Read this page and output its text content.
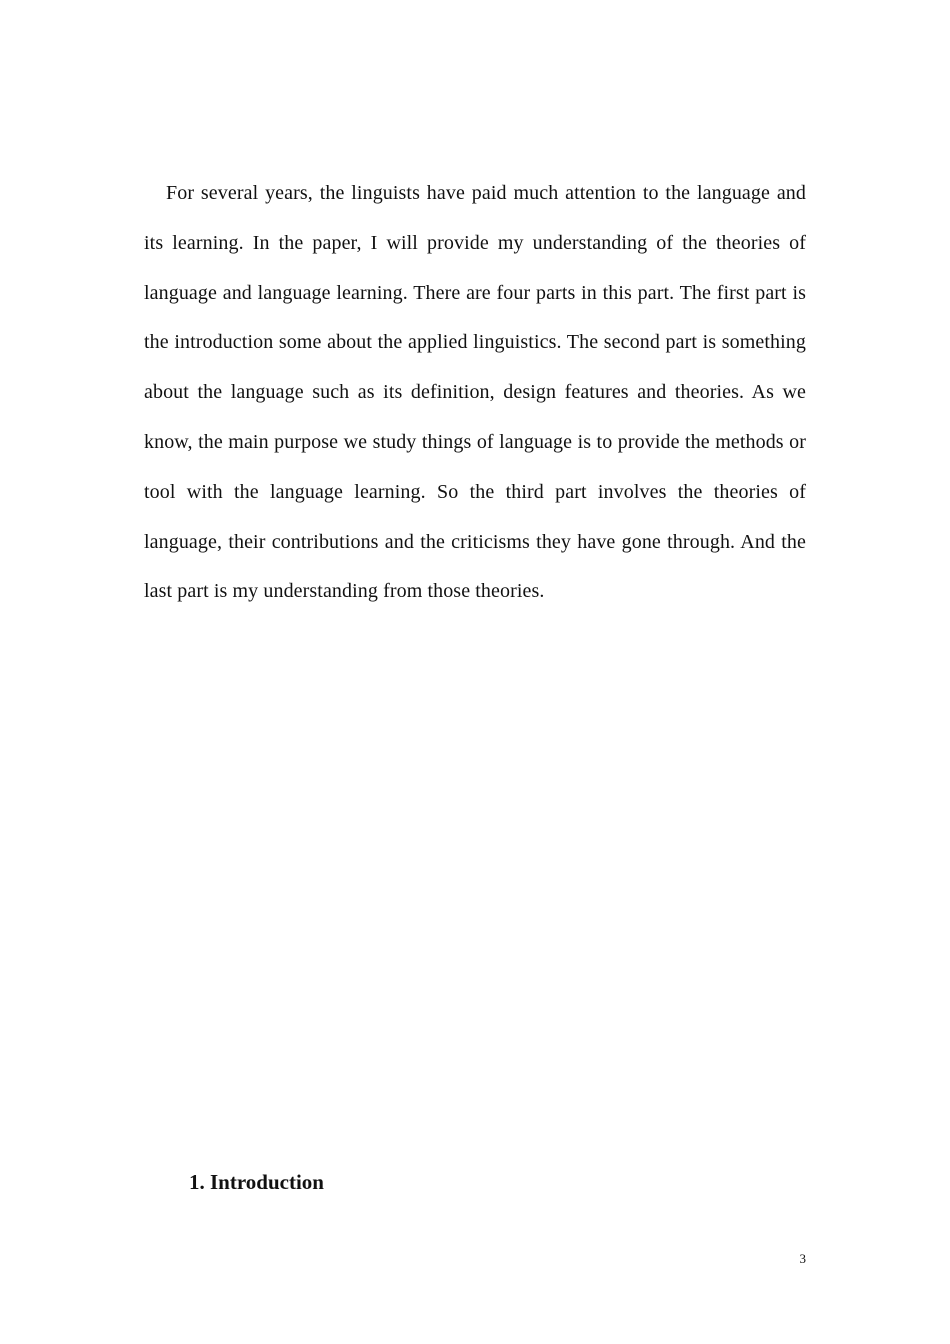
For several years, the linguists have paid much attention to the language and its learning. In the paper, I will provide my understanding of the theories of language and language learning. There are four parts in this part. The first part is the introduction some about the applied linguistics. The second part is something about the language such as its definition, design features and theories. As we know, the main purpose we study things of language is to provide the methods or tool with the language learning. So the third part involves the theories of language, their contributions and the criticisms they have gone through. And the last part is my understanding from those theories.

1. Introduction
3
